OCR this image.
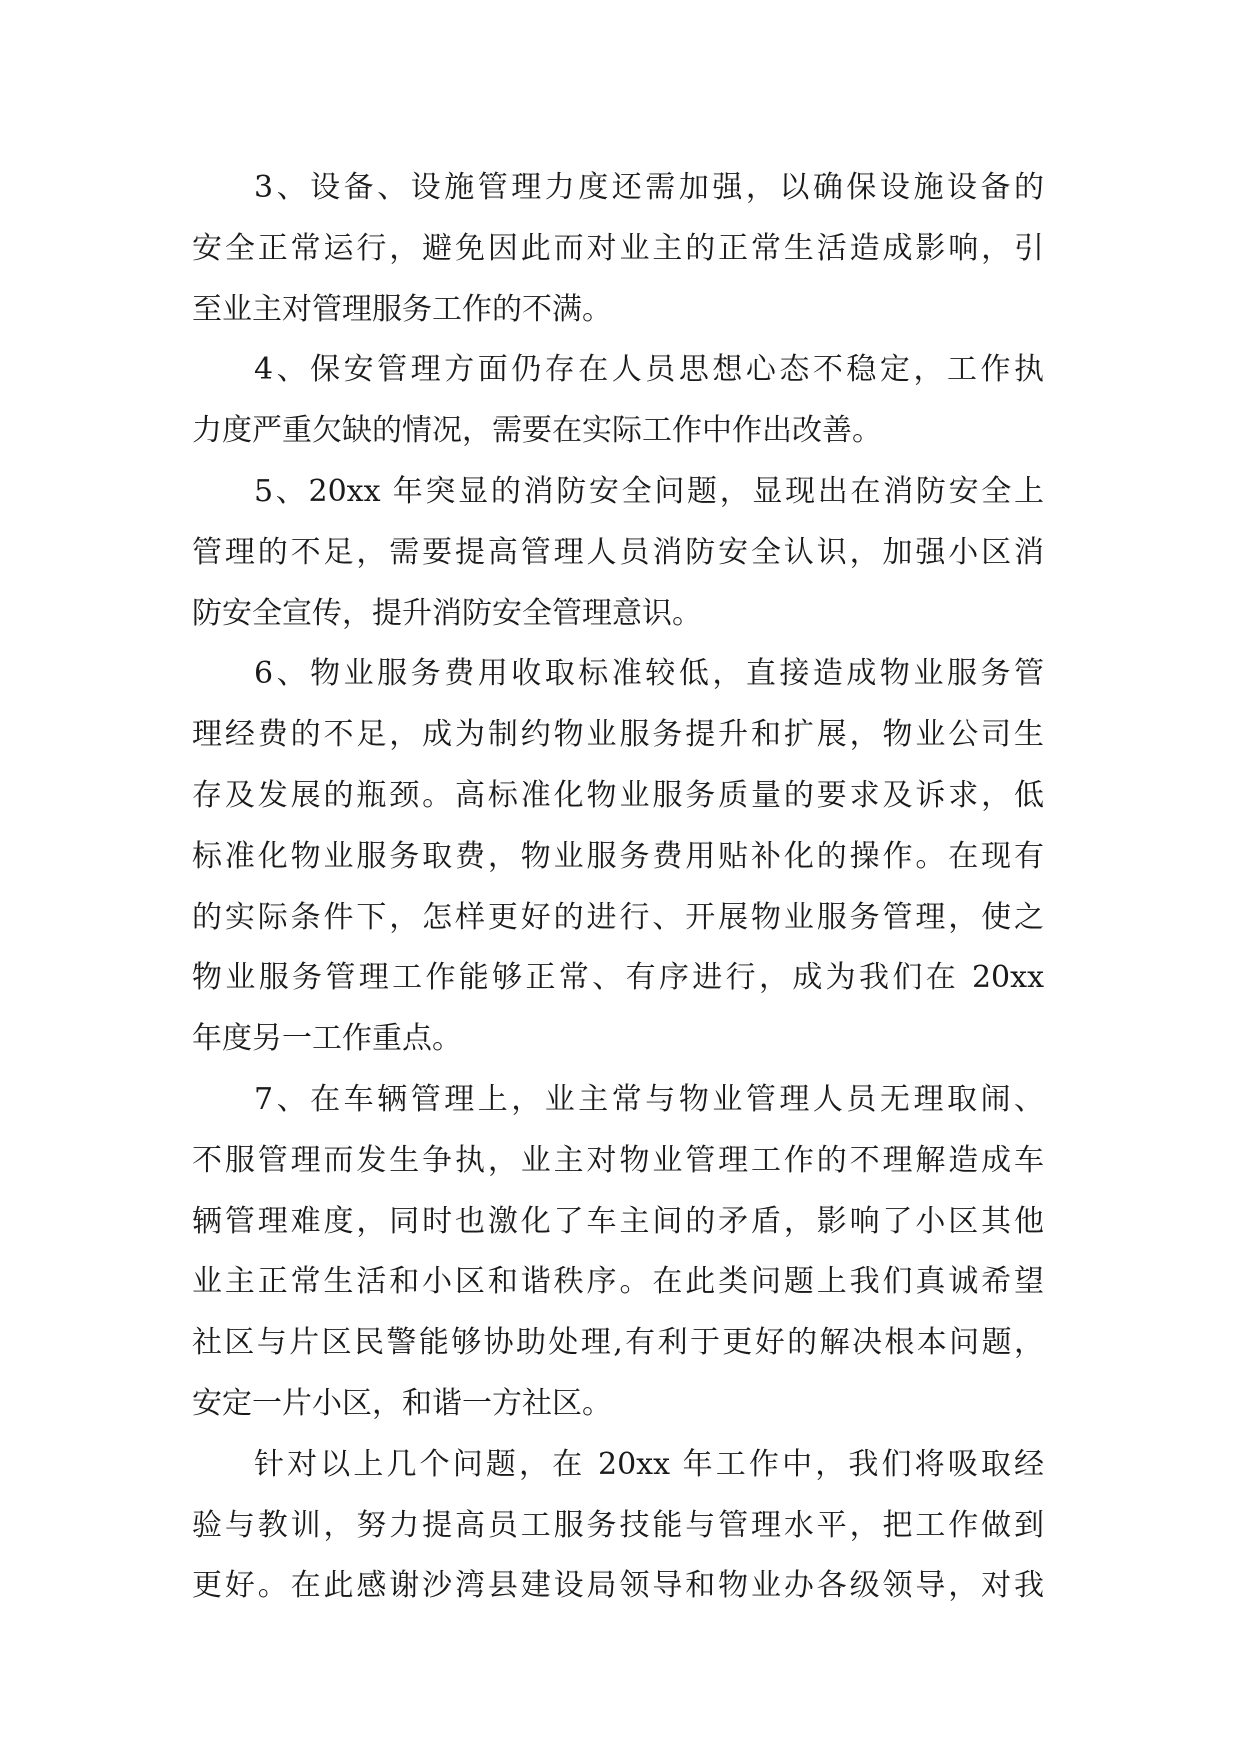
3、设备、设施管理力度还需加强，以确保设施设备的

安全正常运行，避免因此而对业主的正常生活造成影响，引

至业主对管理服务工作的不满。

4、保安管理方面仍存在人员思想心态不稳定，工作执

力度严重欠缺的情况，需要在实际工作中作出改善。

5、20xx 年突显的消防安全问题，显现出在消防安全上

管理的不足，需要提高管理人员消防安全认识，加强小区消

防安全宣传，提升消防安全管理意识。

6、物业服务费用收取标准较低，直接造成物业服务管

理经费的不足，成为制约物业服务提升和扩展，物业公司生

存及发展的瓶颈。高标准化物业服务质量的要求及诉求，低

标准化物业服务取费，物业服务费用贴补化的操作。在现有

的实际条件下，怎样更好的进行、开展物业服务管理，使之

物业服务管理工作能够正常、有序进行，成为我们在 20xx

年度另一工作重点。

7、在车辆管理上，业主常与物业管理人员无理取闹、

不服管理而发生争执，业主对物业管理工作的不理解造成车

辆管理难度，同时也激化了车主间的矛盾，影响了小区其他

业主正常生活和小区和谐秩序。在此类问题上我们真诚希望

社区与片区民警能够协助处理,有利于更好的解决根本问题，

安定一片小区，和谐一方社区。

针对以上几个问题，在 20xx 年工作中，我们将吸取经

验与教训，努力提高员工服务技能与管理水平，把工作做到

更好。在此感谢沙湾县建设局领导和物业办各级领导，对我
